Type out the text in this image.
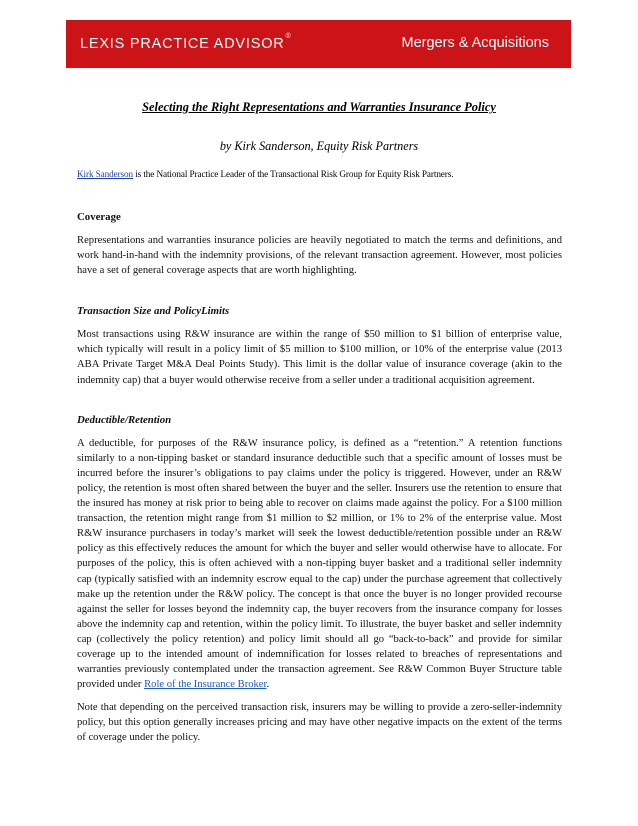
LEXIS PRACTICE ADVISOR®	Mergers & Acquisitions
Selecting the Right Representations and Warranties Insurance Policy
by Kirk Sanderson, Equity Risk Partners
Kirk Sanderson is the National Practice Leader of the Transactional Risk Group for Equity Risk Partners.
Coverage

Representations and warranties insurance policies are heavily negotiated to match the terms and definitions, and work hand-in-hand with the indemnity provisions, of the relevant transaction agreement. However, most policies have a set of general coverage aspects that are worth highlighting.

Transaction Size and PolicyLimits

Most transactions using R&W insurance are within the range of $50 million to $1 billion of enterprise value, which typically will result in a policy limit of $5 million to $100 million, or 10% of the enterprise value (2013 ABA Private Target M&A Deal Points Study). This limit is the dollar value of insurance coverage (akin to the indemnity cap) that a buyer would otherwise receive from a seller under a traditional acquisition agreement.

Deductible/Retention

A deductible, for purposes of the R&W insurance policy, is defined as a “retention.” A retention functions similarly to a non-tipping basket or standard insurance deductible such that a specific amount of losses must be incurred before the insurer’s obligations to pay claims under the policy is triggered. However, under an R&W policy, the retention is most often shared between the buyer and the seller. Insurers use the retention to ensure that the insured has money at risk prior to being able to recover on claims made against the policy. For a $100 million transaction, the retention might range from $1 million to $2 million, or 1% to 2% of the enterprise value. Most R&W insurance purchasers in today’s market will seek the lowest deductible/retention possible under an R&W policy as this effectively reduces the amount for which the buyer and seller would otherwise have to allocate. For purposes of the policy, this is often achieved with a non-tipping buyer basket and a traditional seller indemnity cap (typically satisfied with an indemnity escrow equal to the cap) under the purchase agreement that collectively make up the retention under the R&W policy. The concept is that once the buyer is no longer provided recourse against the seller for losses beyond the indemnity cap, the buyer recovers from the insurance company for losses above the indemnity cap and retention, within the policy limit. To illustrate, the buyer basket and seller indemnity cap (collectively the policy retention) and policy limit should all go “back-to-back” and provide for similar coverage up to the intended amount of indemnification for losses related to breaches of representations and warranties previously contemplated under the transaction agreement. See R&W Common Buyer Structure table provided under Role of the Insurance Broker.

Note that depending on the perceived transaction risk, insurers may be willing to provide a zero-seller-indemnity policy, but this option generally increases pricing and may have other negative impacts on the extent of the terms of coverage under the policy.
